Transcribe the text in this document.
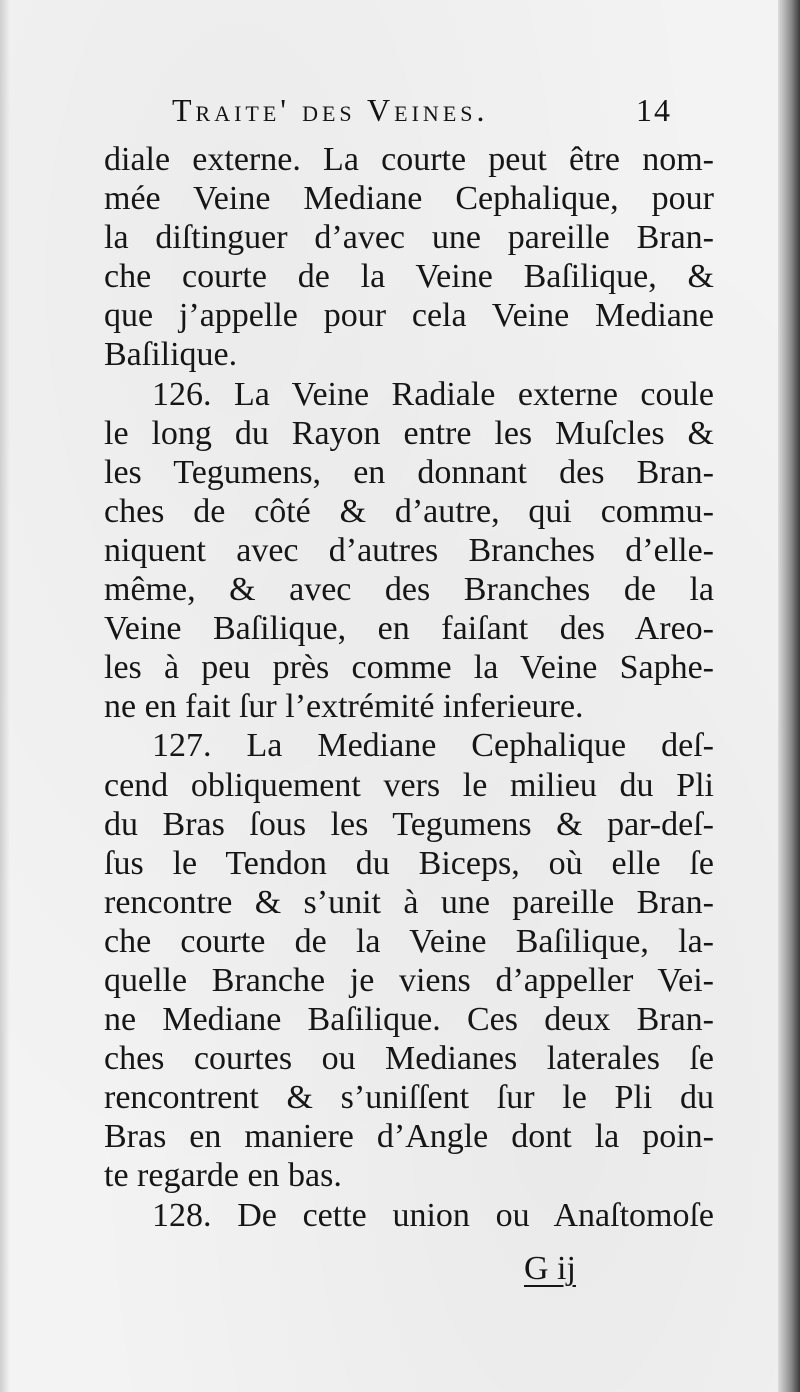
Traite' des Veines.	14
diale externe. La courte peut être nom-
mée Veine Mediane Cephalique, pour
la diſtinguer d’avec une pareille Bran-
che courte de la Veine Baſilique, &
que j’appelle pour cela Veine Mediane
Baſilique.
126. La Veine Radiale externe coule
le long du Rayon entre les Muſcles &
les Tegumens, en donnant des Bran-
ches de côté & d’autre, qui commu-
niquent avec d’autres Branches d’elle-
même, & avec des Branches de la
Veine Baſilique, en faiſant des Areo-
les à peu près comme la Veine Saphe-
ne en fait ſur l’extrémité inferieure.
127. La Mediane Cephalique deſ-
cend obliquement vers le milieu du Pli
du Bras ſous les Tegumens & par-deſ-
ſus le Tendon du Biceps, où elle ſe
rencontre & s’unit à une pareille Bran-
che courte de la Veine Baſilique, la-
quelle Branche je viens d’appeller Vei-
ne Mediane Baſilique. Ces deux Bran-
ches courtes ou Medianes laterales ſe
rencontrent & s’uniſſent ſur le Pli du
Bras en maniere d’Angle dont la poin-
te regarde en bas.
128. De cette union ou Anaſtomoſe
G ij
